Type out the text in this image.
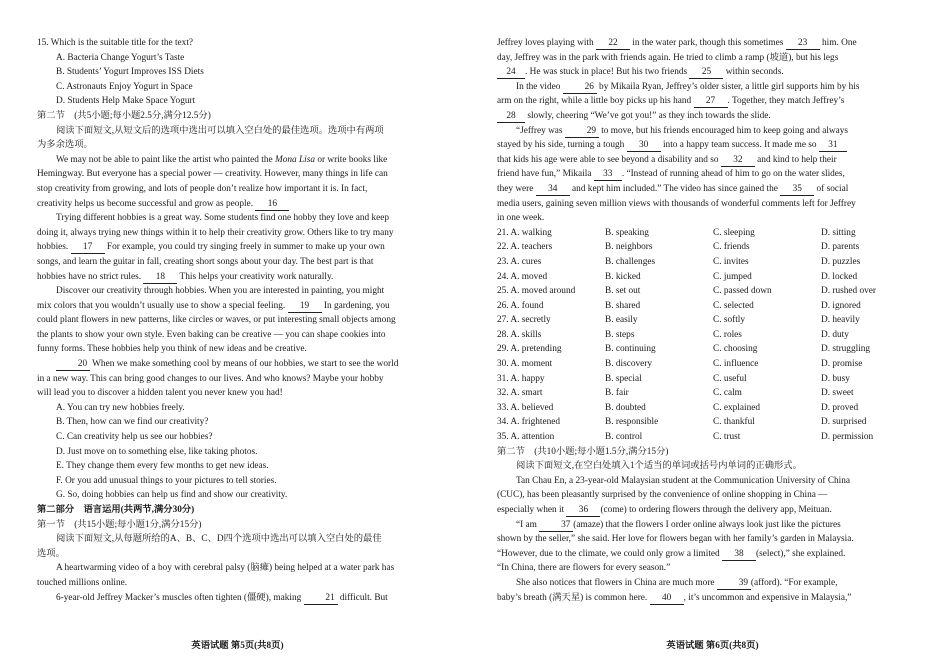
15. Which is the suitable title for the text?
A. Bacteria Change Yogurt’s Taste
B. Students’ Yogurt Improves ISS Diets
C. Astronauts Enjoy Yogurt in Space
D. Students Help Make Space Yogurt
第二节　(共5小题;每小题2.5分,满分12.5分)
阅读下面短文,从短文后的选项中选出可以填入空白处的最佳选项。选项中有两项
为多余选项。
We may not be able to paint like the artist who painted the Mona Lisa or write books like
Hemingway. But everyone has a special power — creativity. However, many things in life can
stop creativity from growing, and lots of people don’t realize how important it is. In fact,
creativity helps us become successful and grow as people. 16
Trying different hobbies is a great way. Some students find one hobby they love and keep
doing it, always trying new things within it to help their creativity grow. Others like to try many
hobbies. 17 For example, you could try singing freely in summer to make up your own
songs, and learn the guitar in fall, creating short songs about your day. The best part is that
hobbies have no strict rules. 18 This helps your creativity work naturally.
Discover our creativity through hobbies. When you are interested in painting, you might
mix colors that you wouldn’t usually use to show a special feeling. 19 In gardening, you
could plant flowers in new patterns, like circles or waves, or put interesting small objects among
the plants to show your own style. Even baking can be creative — you can shape cookies into
funny forms. These hobbies help you think of new ideas and be creative.
20 When we make something cool by means of our hobbies, we start to see the world
in a new way. This can bring good changes to our lives. And who knows? Maybe your hobby
will lead you to discover a hidden talent you never knew you had!
A. You can try new hobbies freely.
B. Then, how can we find our creativity?
C. Can creativity help us see our hobbies?
D. Just move on to something else, like taking photos.
E. They change them every few months to get new ideas.
F. Or you add unusual things to your pictures to tell stories.
G. So, doing hobbies can help us find and show our creativity.
第二部分　语言运用(共两节,满分30分)
第一节　(共15小题;每小题1分,满分15分)
阅读下面短文,从每题所给的A、B、C、D四个选项中选出可以填入空白处的最佳
选项。
A heartwarming video of a boy with cerebral palsy (脑瘫) being helped at a water park has
touched millions online.
6-year-old Jeffrey Macker’s muscles often tighten (僵硬), making 21 difficult. But
英语试题 第5页(共8页)
Jeffrey loves playing with 22 in the water park, though this sometimes 23 him. One
day, Jeffrey was in the park with friends again. He tried to climb a ramp (坡道), but his legs
24 . He was stuck in place! But his two friends 25 within seconds.
In the video 26 by Mikaila Ryan, Jeffrey’s older sister, a little girl supports him by his
arm on the right, while a little boy picks up his hand 27 . Together, they match Jeffrey’s
28 slowly, cheering “We’ve got you!” as they inch towards the slide.
“Jeffrey was 29 to move, but his friends encouraged him to keep going and always
stayed by his side, turning a tough 30 into a happy team success. It made me so 31
that kids his age were able to see beyond a disability and so 32 and kind to help their
friend have fun,” Mikaila 33 . “Instead of running ahead of him to go on the water slides,
they were 34 and kept him included.” The video has since gained the 35 of social
media users, gaining seven million views with thousands of wonderful comments left for Jeffrey
in one week.
21. A. walking	B. speaking	C. sleeping	D. sitting
22. A. teachers	B. neighbors	C. friends	D. parents
23. A. cures	B. challenges	C. invites	D. puzzles
24. A. moved	B. kicked	C. jumped	D. locked
25. A. moved around	B. set out	C. passed down	D. rushed over
26. A. found	B. shared	C. selected	D. ignored
27. A. secretly	B. easily	C. softly	D. heavily
28. A. skills	B. steps	C. roles	D. duty
29. A. pretending	B. continuing	C. choosing	D. struggling
30. A. moment	B. discovery	C. influence	D. promise
31. A. happy	B. special	C. useful	D. busy
32. A. smart	B. fair	C. calm	D. sweet
33. A. believed	B. doubted	C. explained	D. proved
34. A. frightened	B. responsible	C. thankful	D. surprised
35. A. attention	B. control	C. trust	D. permission
第二节　(共10小题;每小题1.5分,满分15分)
阅读下面短文,在空白处填入1个适当的单词或括号内单词的正确形式。
Tan Chau En, a 23-year-old Malaysian student at the Communication University of China
(CUC), has been pleasantly surprised by the convenience of online shopping in China —
especially when it 36 (come) to ordering flowers through the delivery app, Meituan.
“I am 37 (amaze) that the flowers I order online always look just like the pictures
shown by the seller,” she said. Her love for flowers began with her family’s garden in Malaysia.
“However, due to the climate, we could only grow a limited 38 (select),” she explained.
“In China, there are flowers for every season.”
She also notices that flowers in China are much more 39 (afford). “For example,
baby’s breath (满天星) is common here. 40 , it’s uncommon and expensive in Malaysia,”
英语试题 第6页(共8页)
